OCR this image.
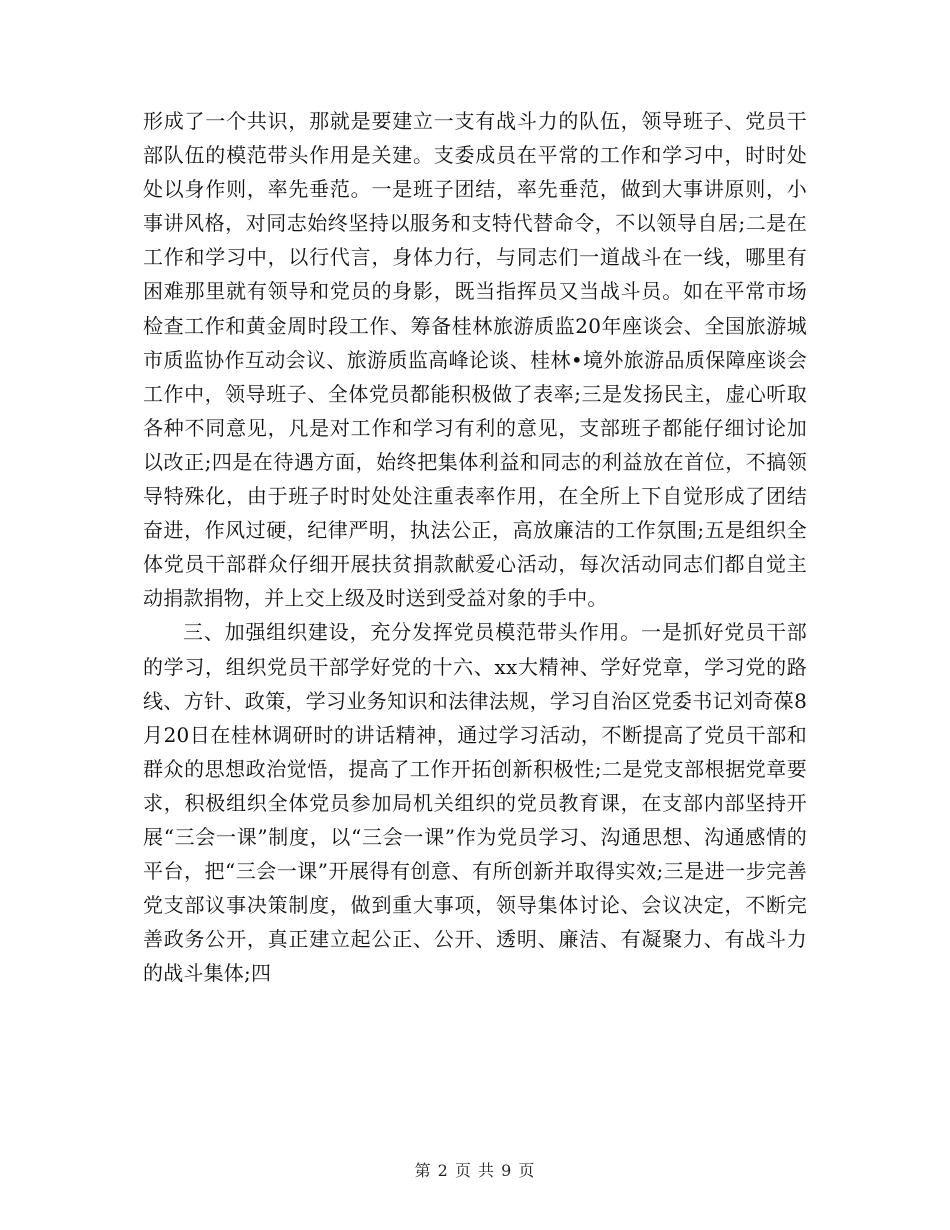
形成了一个共识，那就是要建立一支有战斗力的队伍，领导班子、党员干部队伍的模范带头作用是关建。支委成员在平常的工作和学习中，时时处处以身作则，率先垂范。一是班子团结，率先垂范，做到大事讲原则，小事讲风格，对同志始终坚持以服务和支特代替命令，不以领导自居;二是在工作和学习中，以行代言，身体力行，与同志们一道战斗在一线，哪里有困难那里就有领导和党员的身影，既当指挥员又当战斗员。如在平常市场检查工作和黄金周时段工作、筹备桂林旅游质监20年座谈会、全国旅游城市质监协作互动会议、旅游质监高峰论谈、桂林•境外旅游品质保障座谈会工作中，领导班子、全体党员都能积极做了表率;三是发扬民主，虚心听取各种不同意见，凡是对工作和学习有利的意见，支部班子都能仔细讨论加以改正;四是在待遇方面，始终把集体利益和同志的利益放在首位，不搞领导特殊化，由于班子时时处处注重表率作用，在全所上下自觉形成了团结奋进，作风过硬，纪律严明，执法公正，高放廉洁的工作氛围;五是组织全体党员干部群众仔细开展扶贫捐款献爱心活动，每次活动同志们都自觉主动捐款捐物，并上交上级及时送到受益对象的手中。

三、加强组织建设，充分发挥党员模范带头作用。一是抓好党员干部的学习，组织党员干部学好党的十六、xx大精神、学好党章，学习党的路线、方针、政策，学习业务知识和法律法规，学习自治区党委书记刘奇葆8月20日在桂林调研时的讲话精神，通过学习活动，不断提高了党员干部和群众的思想政治觉悟，提高了工作开拓创新积极性;二是党支部根据党章要求，积极组织全体党员参加局机关组织的党员教育课，在支部内部坚持开展“三会一课”制度，以“三会一课”作为党员学习、沟通思想、沟通感情的平台，把“三会一课”开展得有创意、有所创新并取得实效;三是进一步完善党支部议事决策制度，做到重大事项，领导集体讨论、会议决定，不断完善政务公开，真正建立起公正、公开、透明、廉洁、有凝聚力、有战斗力的战斗集体;四

第 2 页 共 9 页
